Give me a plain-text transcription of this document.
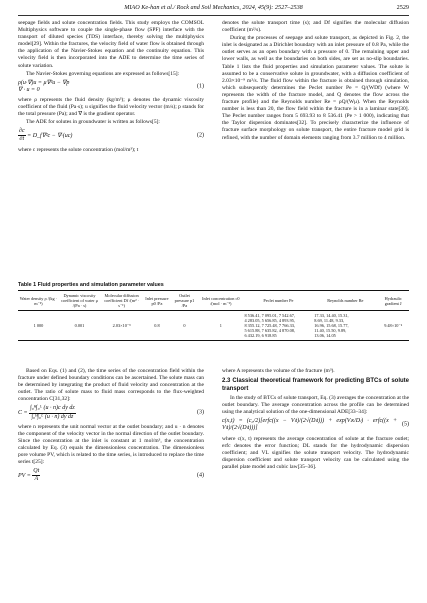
MIAO Ke-han et al./ Rock and Soil Mechanics, 2024, 45(9): 2527–2538	2529

seepage fields and solute concentration fields. This study employs the COMSOL Multiphysics software to couple the single-phase flow (SPF) interface with the transport of diluted species (TDS) interface, thereby solving the multiphysics model[29]. Within the fractures, the velocity field of water flow is obtained through the application of the Navier-Stokes equation and the continuity equation. This velocity field is then incorporated into the ADE to determine the time series of solute variation.

The Navier-Stokes governing equations are expressed as follows[15]:

ρ(u·∇)u = μ∇²u − ∇p
∇ · u = 0
(1)

where ρ represents the fluid density (kg/m³); μ denotes the dynamic viscosity coefficient of the fluid (Pa·s); u signifies the fluid velocity vector (m/s); p stands for the total pressure (Pa); and ∇ is the gradient operator.

The ADE for solutes in groundwater is written as follows[5]:

$\frac{\partial c}{\partial t}$ = D_f∇²c − ∇·(uc)	(2)

where c represents the solute concentration (mol/m³); t

denotes the solute transport time (s); and Df signifies the molecular diffusion coefficient (m²/s).

During the processes of seepage and solute transport, as depicted in Fig. 2, the inlet is designated as a Dirichlet boundary with an inlet pressure of 0.8 Pa, while the outlet serves as an open boundary with a pressure of 0. The remaining upper and lower walls, as well as the boundaries on both sides, are set as no-slip boundaries. Table 1 lists the fluid properties and simulation parameter values. The solute is assumed to be a conservative solute in groundwater, with a diffusion coefficient of 2.03×10⁻⁹ m²/s. The fluid flow within the fracture is obtained through simulation, which subsequently determines the Peclet number Pe = Q/(WDf) (where W represents the width of the fracture model, and Q denotes the flow across the fracture profile) and the Reynolds number Re = ρQ/(Wμ). When the Reynolds number is less than 20, the flow field within the fracture is in a laminar state[30]. The Peclet number ranges from 5 693.93 to 8 536.41 (Pe > 1 000), indicating that the Taylor dispersion dominates[32]. To precisely characterize the influence of fracture surface morphology on solute transport, the entire fracture model grid is refined, with the number of domain elements ranging from 3.7 million to 4 million.

Table 1 Fluid properties and simulation parameter values
Water density ρ /(kg · m⁻³)	Dynamic viscosity coefficient of water μ /(Pa · s)	Molecular diffusion coefficient Df /(m² · s⁻¹)	Inlet pressure p0 /Pa	Outlet pressure p1 /Pa	Inlet concentration c0 /(mol · m⁻³)	Peclet number Pe	Reynolds number Re	Hydraulic gradient J
1 000	0.001	2.03×10⁻⁹	0.8	0	1	8 536.41, 7 095.01, 7 542.67,
4 283.05, 5 656.85, 4 893.95,
8 355.12, 7 725.48, 7 766.33,
5 615.88, 7 635.82, 4 870.08,
6 432.19, 6 918.85	17.33, 14.40, 15.31,
8.69, 11.48, 9.33,
16.96, 15.68, 15.77,
11.40, 15.50, 9.89,
13.06, 14.05	9.48×10⁻⁶

Based on Eqs. (1) and (2), the time series of the concentration field within the fracture under defined boundary conditions can be ascertained. The solute mass can be determined by integrating the product of fluid velocity and concentration at the outlet. The ratio of solute mass to fluid mass corresponds to the flux-weighted concentration C[31,32]:

$C = \frac{\text{∫₀ᴴ∫₀ᴸ (u · n)c dy dz}}{\text{∫₀ᴴ∫₀ᴸ (u · n) dy dz}}$	(3)

where n represents the unit normal vector at the outlet boundary; and u · n denotes the component of the velocity vector in the normal direction of the outlet boundary. Since the concentration at the inlet is constant at 1 mol/m³, the concentration calculated by Eq. (3) equals the dimensionless concentration. The dimensionless pore volume PV, which is related to the time series, is introduced to replace the time series t[25]:

PV = $\frac{Qt}{A}$	(4)

where A represents the volume of the fracture (m³).

2.3 Classical theoretical framework for predicting BTCs of solute transport

In the study of BTCs of solute transport, Eq. (3) averages the concentration at the outlet boundary. The average concentration across the profile can be determined using the analytical solution of the one-dimensional ADE[33–34]:

c(x,t) = (c₀/2)[erfc((x − Vₗt)/(2√(Dₗt))) + exp(Vₗx/Dₗ) · erfc((x + Vₗt)/(2√(Dₗt)))]
(5)

where c(x, t) represents the average concentration of solute at the fracture outlet; erfc denotes the error function; DL stands for the hydrodynamic dispersion coefficient; and VL signifies the solute transport velocity. The hydrodynamic dispersion coefficient and solute transport velocity can be calculated using the parallel plate model and cubic law[35–36].
